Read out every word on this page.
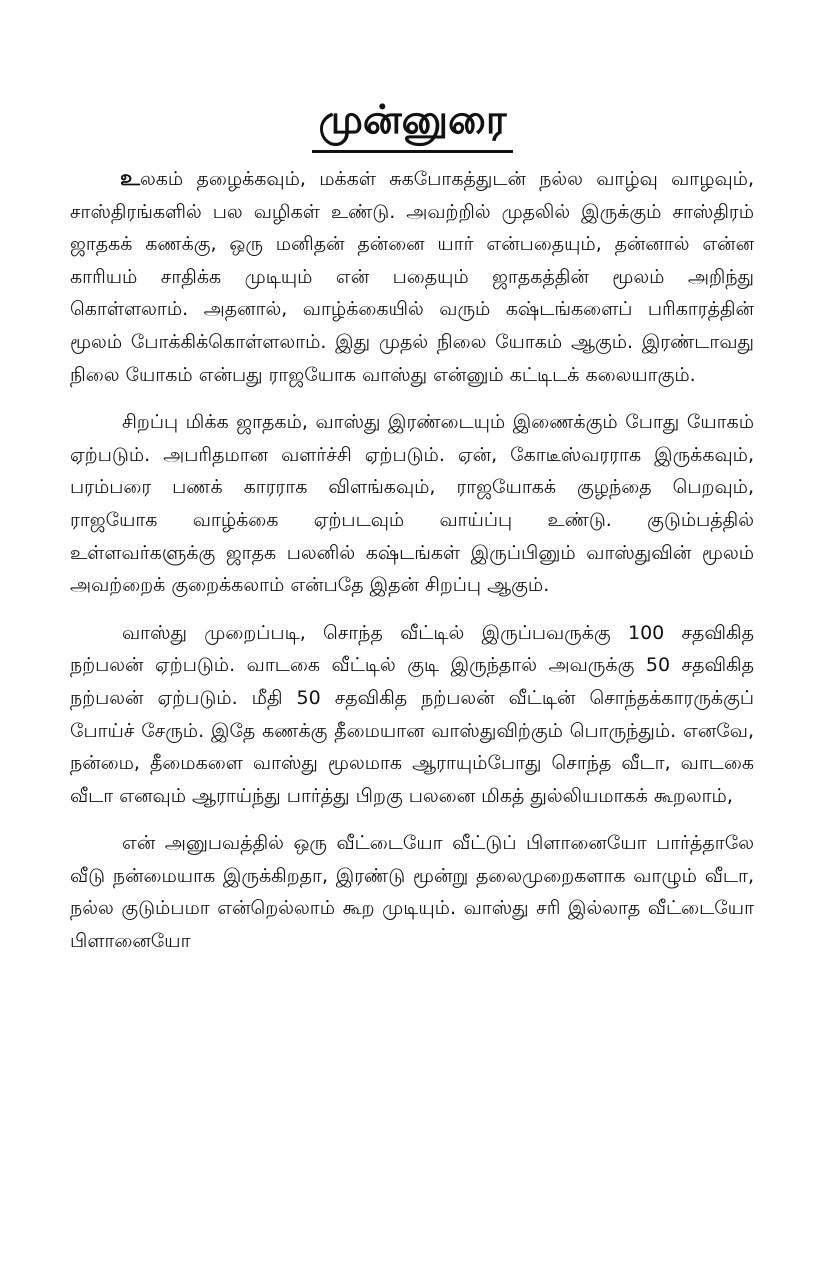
முன்னுரை

உலகம் தழைக்கவும், மக்கள் சுகபோகத்துடன் நல்ல வாழ்வு வாழவும், சாஸ்திரங்களில் பல வழிகள் உண்டு. அவற்றில் முதலில் இருக்கும் சாஸ்திரம் ஜாதகக் கணக்கு, ஒரு மனிதன் தன்னை யார் என்பதையும், தன்னால் என்ன காரியம் சாதிக்க முடியும் என் பதையும் ஜாதகத்தின் மூலம் அறிந்து கொள்ளலாம். அதனால், வாழ்க்கையில் வரும் கஷ்டங்களைப் பரிகாரத்தின் மூலம் போக்கிக்கொள்ளலாம். இது முதல் நிலை யோகம் ஆகும். இரண்டாவது நிலை யோகம் என்பது ராஜயோக வாஸ்து என்னும் கட்டிடக் கலையாகும்.

சிறப்பு மிக்க ஜாதகம், வாஸ்து இரண்டையும் இணைக்கும் போது யோகம் ஏற்படும். அபரிதமான வளர்ச்சி ஏற்படும். ஏன், கோடீஸ்வரராக இருக்கவும், பரம்பரை பணக் காரராக விளங்கவும், ராஜயோகக் குழந்தை பெறவும், ராஜயோக வாழ்க்கை ஏற்படவும் வாய்ப்பு உண்டு. குடும்பத்தில் உள்ளவர்களுக்கு ஜாதக பலனில் கஷ்டங்கள் இருப்பினும் வாஸ்துவின் மூலம் அவற்றைக் குறைக்கலாம் என்பதே இதன் சிறப்பு ஆகும்.

வாஸ்து முறைப்படி, சொந்த வீட்டில் இருப்பவருக்கு 100 சதவிகித நற்பலன் ஏற்படும். வாடகை வீட்டில் குடி இருந்தால் அவருக்கு 50 சதவிகித நற்பலன் ஏற்படும். மீதி 50 சதவிகித நற்பலன் வீட்டின் சொந்தக்காரருக்குப் போய்ச் சேரும். இதே கணக்கு தீமையான வாஸ்துவிற்கும் பொருந்தும். எனவே, நன்மை, தீமைகளை வாஸ்து மூலமாக ஆராயும்போது சொந்த வீடா, வாடகை வீடா எனவும் ஆராய்ந்து பார்த்து பிறகு பலனை மிகத் துல்லியமாகக் கூறலாம்,

என் அனுபவத்தில் ஒரு வீட்டையோ வீட்டுப் பிளானையோ பார்த்தாலே வீடு நன்மையாக இருக்கிறதா, இரண்டு மூன்று தலைமுறைகளாக வாழும் வீடா, நல்ல குடும்பமா என்றெல்லாம் கூற முடியும். வாஸ்து சரி இல்லாத வீட்டையோ பிளானையோ
